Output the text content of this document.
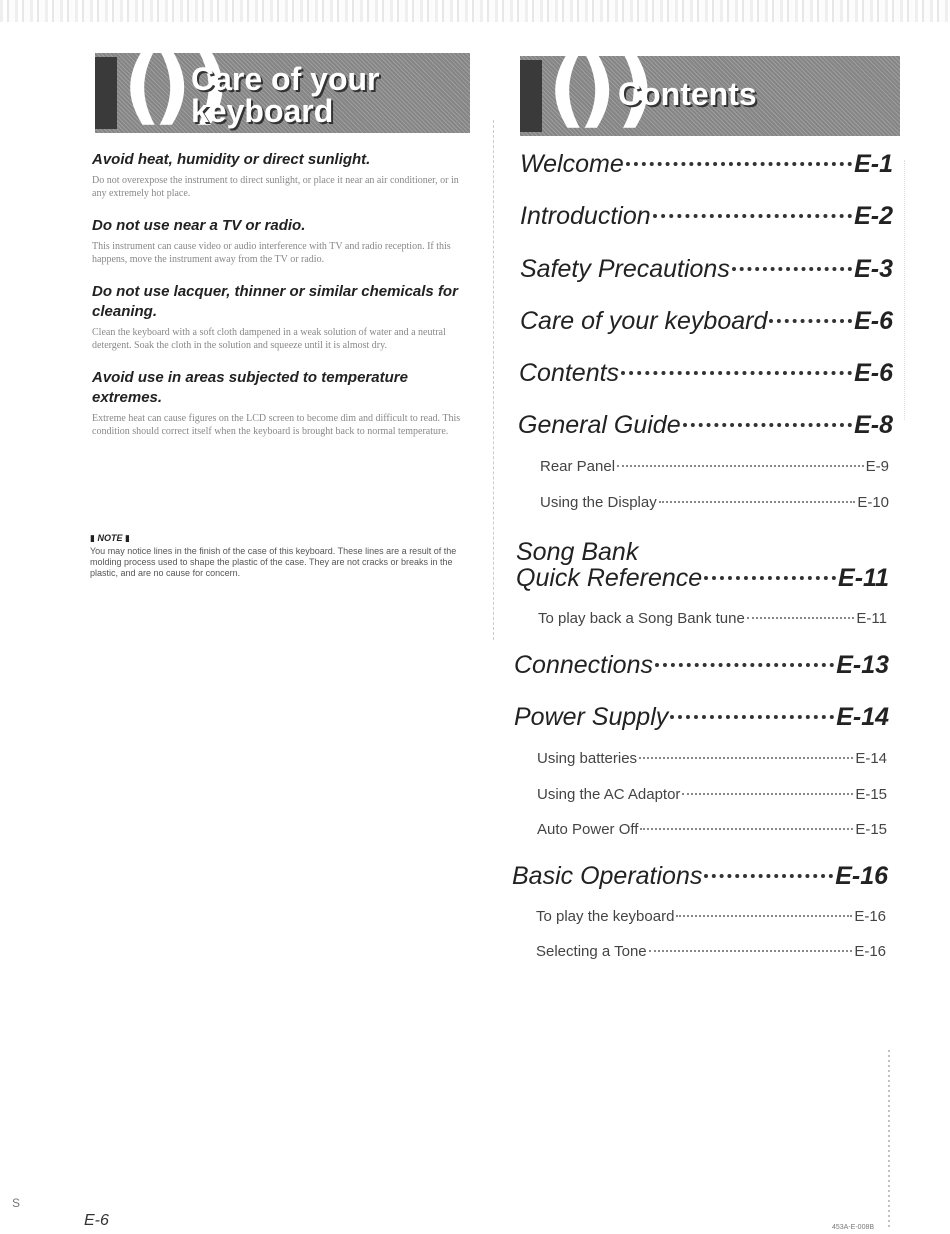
(
))
Care of your
keyboard	(
))
Contents

Avoid heat, humidity or direct sunlight.

Do not overexpose the instrument to direct sunlight, or place it near an air conditioner, or in any extremely hot place.

Do not use near a TV or radio.

This instrument can cause video or audio interference with TV and radio reception. If this happens, move the instrument away from the TV or radio.

Do not use lacquer, thinner or similar chemicals for cleaning.

Clean the keyboard with a soft cloth dampened in a weak solution of water and a neutral detergent. Soak the cloth in the solution and squeeze until it is almost dry.

Avoid use in areas subjected to temperature extremes.

Extreme heat can cause figures on the LCD screen to become dim and difficult to read. This condition should correct itself when the keyboard is brought back to normal temperature.

▮ NOTE ▮
You may notice lines in the finish of the case of this keyboard. These lines are a result of the molding process used to shape the plastic of the case. They are not cracks or breaks in the plastic, and are no cause for concern.
Welcome	E-1
Introduction	E-2
Safety Precautions	E-3
Care of your keyboard	E-6
Contents	E-6
General Guide	E-8
Rear Panel	E-9
Using the Display	E-10
Song Bank
Quick Reference	E-11
To play back a Song Bank tune	E-11
Connections	E-13
Power Supply	E-14
Using batteries	E-14
Using the AC Adaptor	E-15
Auto Power Off	E-15
Basic Operations	E-16
To play the keyboard	E-16
Selecting a Tone	E-16
S
E-6	453A-E-008B
